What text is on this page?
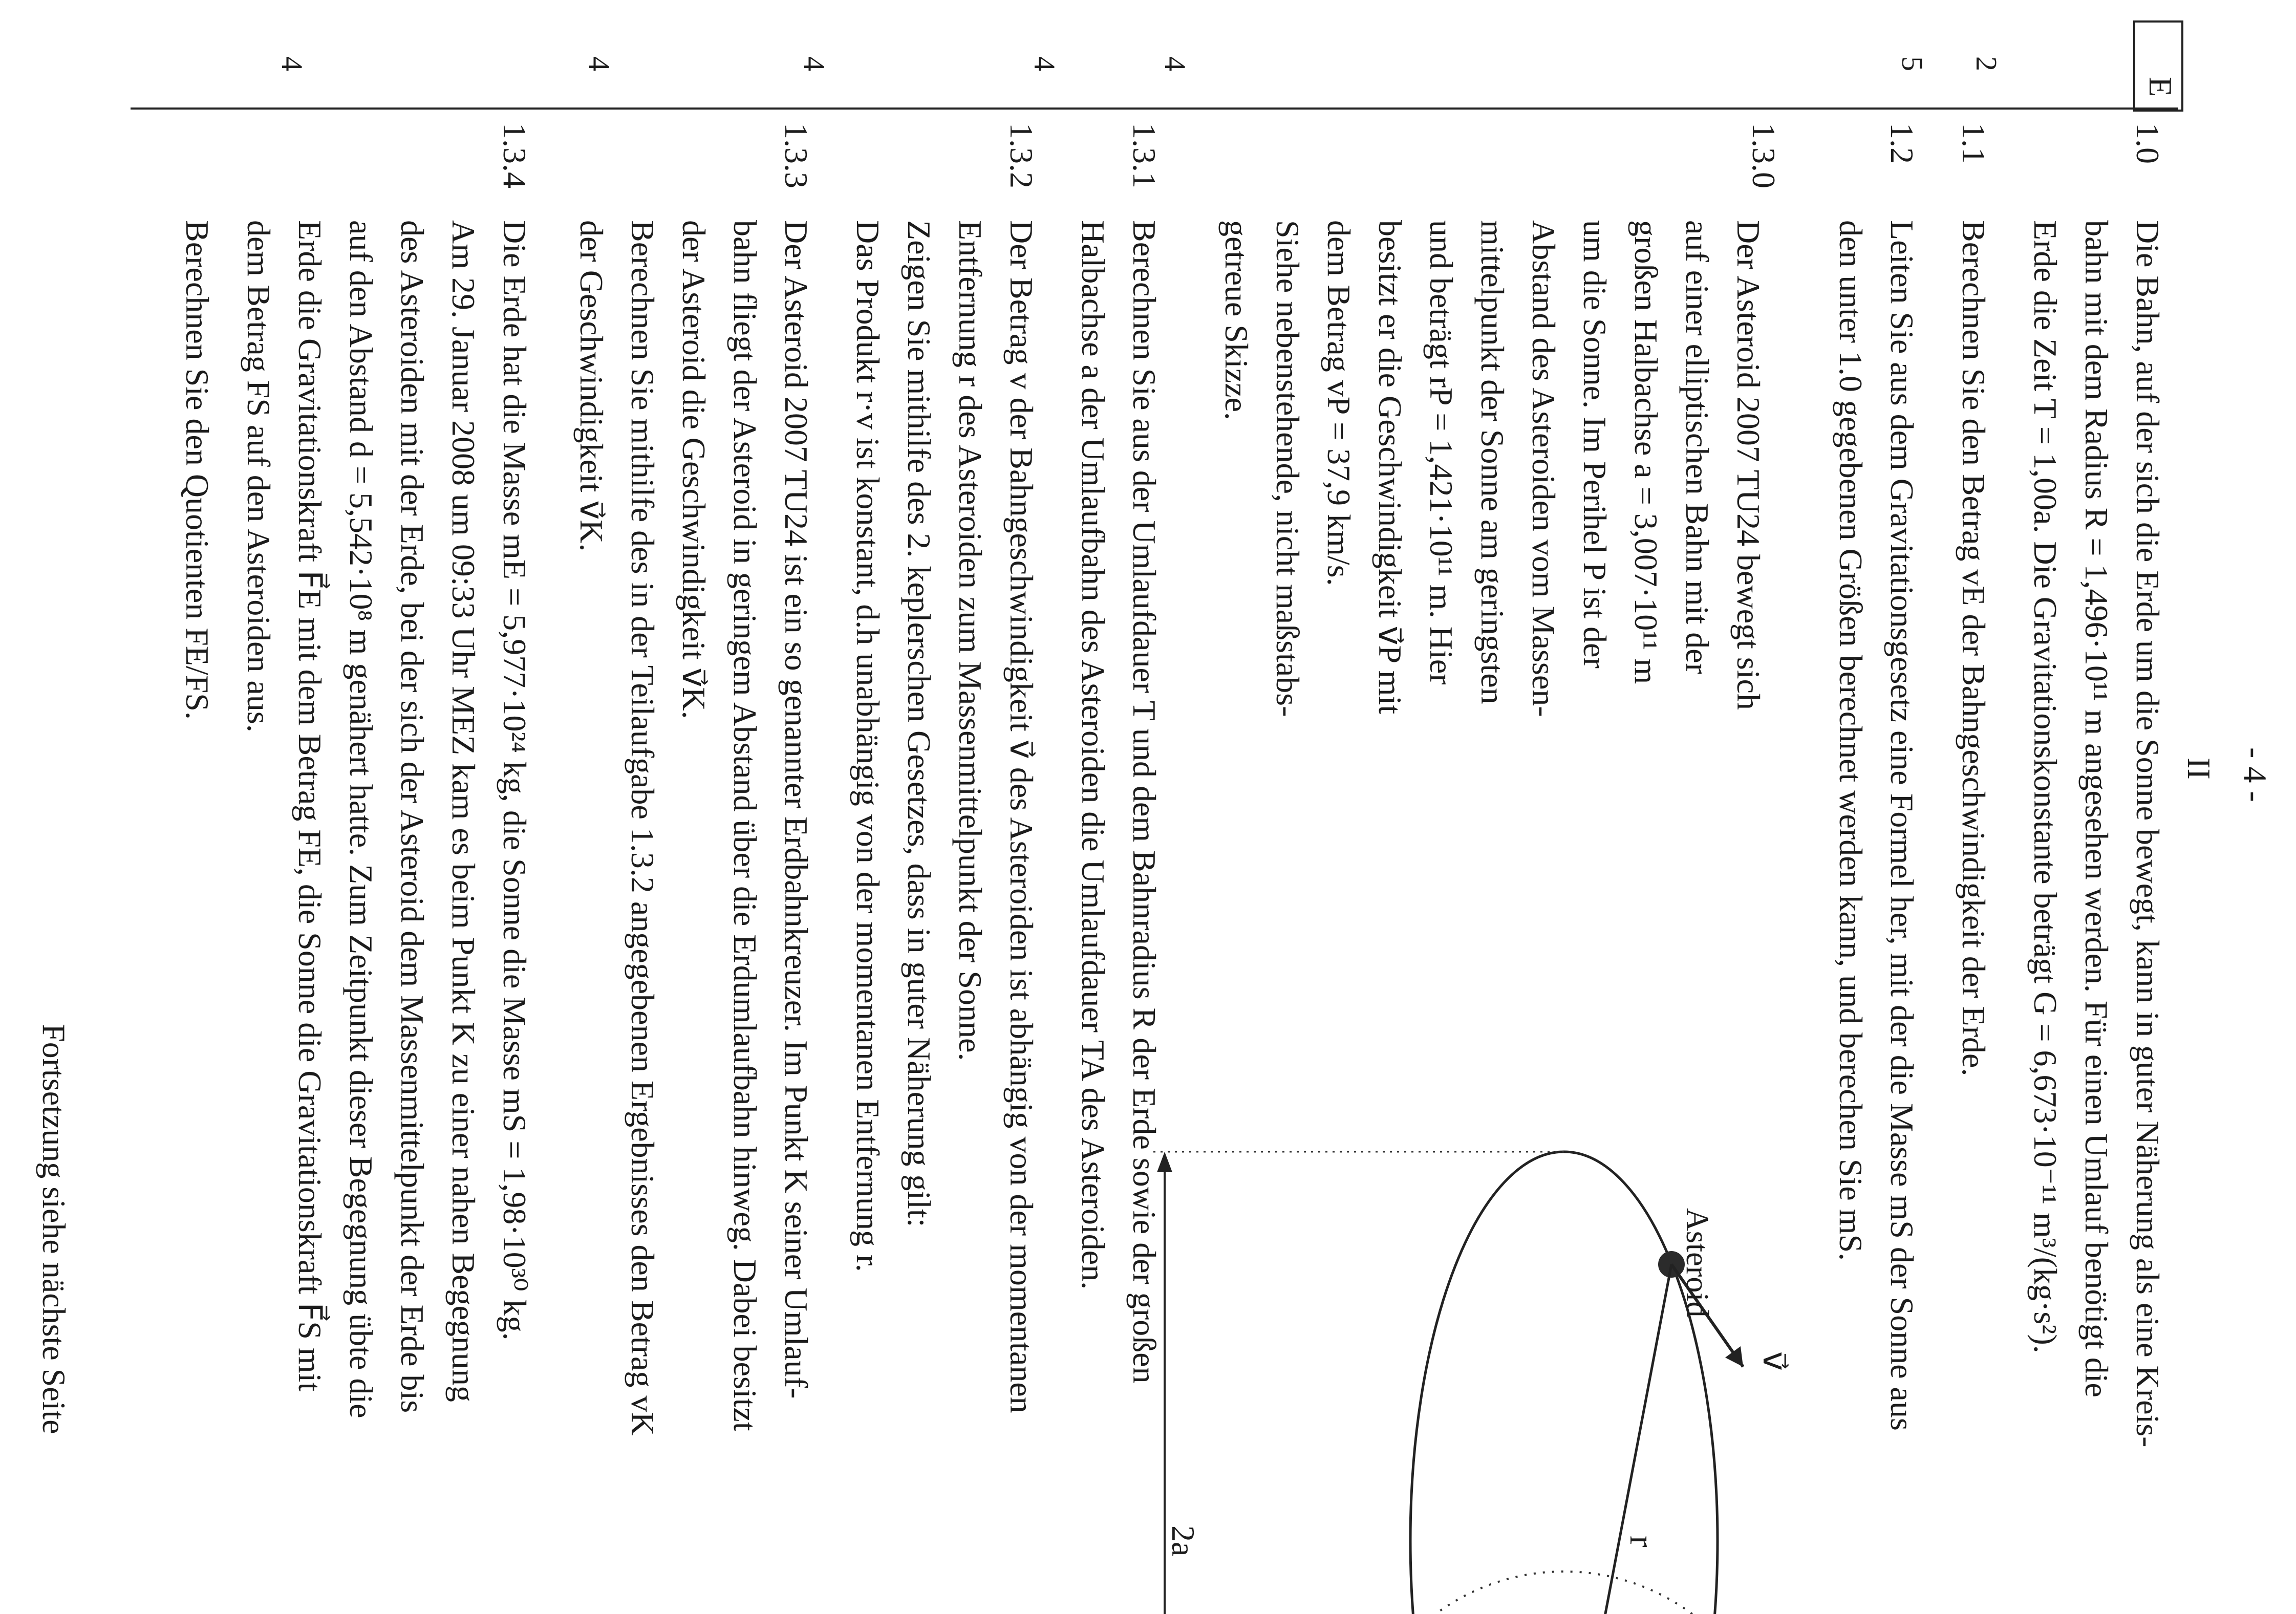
- 4 -
II
E
5 2
4
4
4
4
4
1.0
Die Bahn, auf der sich die Erde um die Sonne bewegt, kann in guter Näherung als eine Kreis-
bahn mit dem Radius R = 1,496·10¹¹ m angesehen werden. Für einen Umlauf benötigt die
Erde die Zeit T = 1,00a. Die Gravitationskonstante beträgt G = 6,673·10⁻¹¹ m³/(kg·s²).
1.1
Berechnen Sie den Betrag vE der Bahngeschwindigkeit der Erde.
1.2
Leiten Sie aus dem Gravitationsgesetz eine Formel her, mit der die Masse mS der Sonne aus
den unter 1.0 gegebenen Größen berechnet werden kann, und berechen Sie mS.
1.3.0
Der Asteroid 2007 TU24 bewegt sich
auf einer elliptischen Bahn mit der
großen Halbachse a = 3,007·10¹¹ m
um die Sonne. Im Perihel P ist der
Abstand des Asteroiden vom Massen-
mittelpunkt der Sonne am geringsten
und beträgt rP = 1,421·10¹¹ m. Hier
besitzt er die Geschwindigkeit v⃗P mit
dem Betrag vP = 37,9 km/s.
Siehe nebenstehende, nicht maßstabs-
getreue Skizze.
Asteroid
r
v⃗
2a
1.3.1
Berechnen Sie aus der Umlaufdauer T und dem Bahnradius R der Erde sowie der großen
Halbachse a der Umlaufbahn des Asteroiden die Umlaufdauer TA des Asteroiden.
1.3.2
Der Betrag v der Bahngeschwindigkeit v⃗ des Asteroiden ist abhängig von der momentanen
Entfernung r des Asteroiden zum Massenmittelpunkt der Sonne.
Zeigen Sie mithilfe des 2. keplerschen Gesetzes, dass in guter Näherung gilt:
Das Produkt r·v ist konstant, d.h unabhängig von der momentanen Entfernung r.
1.3.3
Der Asteroid 2007 TU24 ist ein so genannter Erdbahnkreuzer. Im Punkt K seiner Umlauf-
bahn fliegt der Asteroid in geringem Abstand über die Erdumlaufbahn hinweg. Dabei besitzt
der Asteroid die Geschwindigkeit v⃗K.
Berechnen Sie mithilfe des in der Teilaufgabe 1.3.2 angegebenen Ergebnisses den Betrag vK
der Geschwindigkeit v⃗K.
1.3.4
Die Erde hat die Masse mE = 5,977·10²⁴ kg, die Sonne die Masse mS = 1,98·10³⁰ kg.
Am 29. Januar 2008 um 09:33 Uhr MEZ kam es beim Punkt K zu einer nahen Begegnung
des Asteroiden mit der Erde, bei der sich der Asteroid dem Massenmittelpunkt der Erde bis
auf den Abstand d = 5,542·10⁸ m genähert hatte. Zum Zeitpunkt dieser Begegnung übte die
Erde die Gravitationskraft F⃗E mit dem Betrag FE, die Sonne die Gravitationskraft F⃗S mit
dem Betrag FS auf den Asteroiden aus.
Berechnen Sie den Quotienten FE/FS.
Fortsetzung siehe nächste Seite
